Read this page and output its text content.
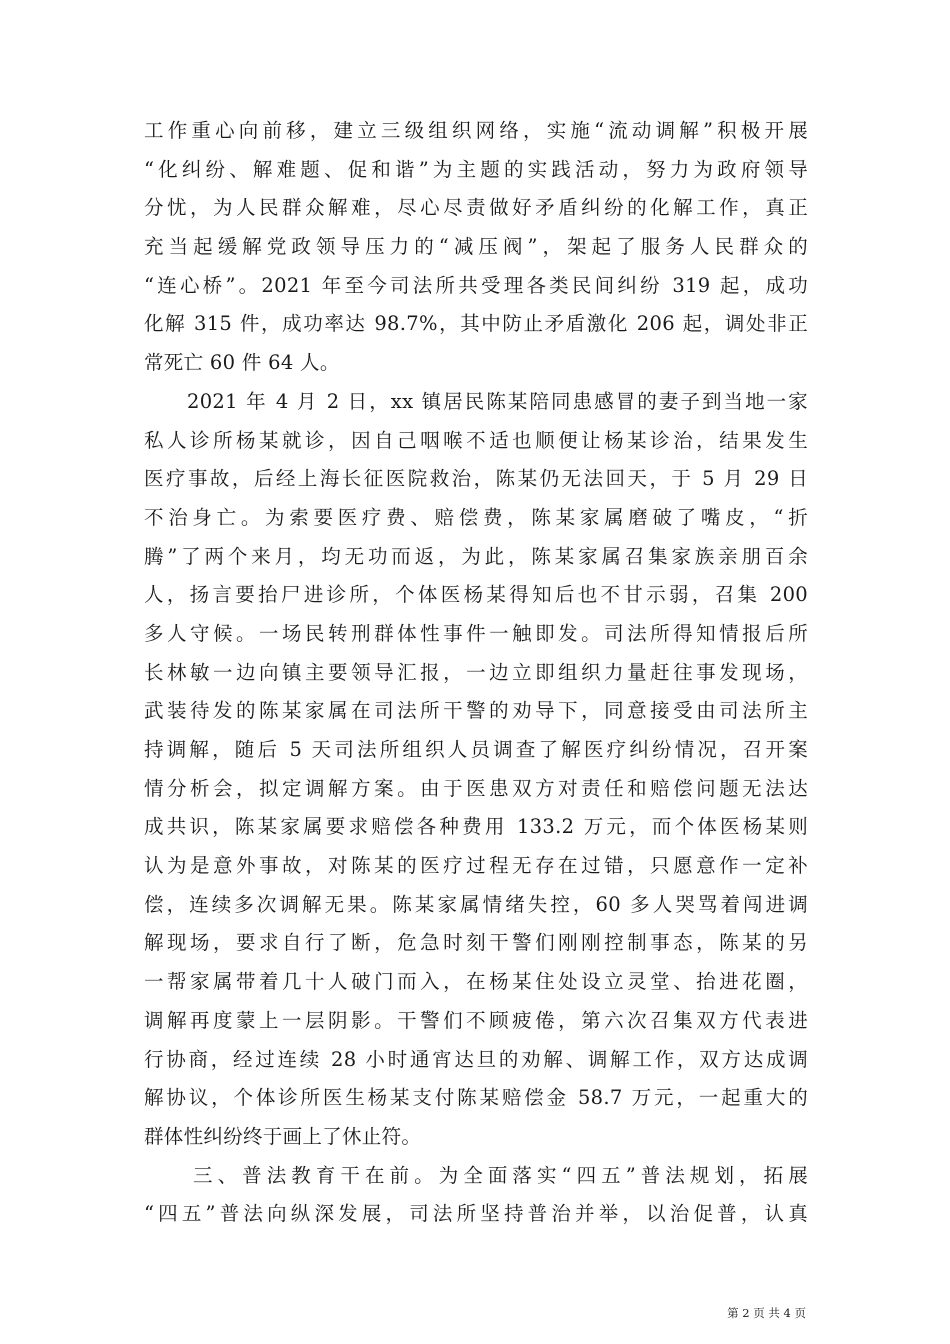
工作重心向前移，建立三级组织网络，实施“流动调解”积极开展
“化纠纷、解难题、促和谐”为主题的实践活动，努力为政府领导
分忧，为人民群众解难，尽心尽责做好矛盾纠纷的化解工作，真正
充当起缓解党政领导压力的“减压阀”，架起了服务人民群众的
“连心桥”。2021 年至今司法所共受理各类民间纠纷 319 起，成功
化解 315 件，成功率达 98.7%，其中防止矛盾激化 206 起，调处非正
常死亡 60 件 64 人。
2021 年 4 月 2 日，xx 镇居民陈某陪同患感冒的妻子到当地一家
私人诊所杨某就诊，因自己咽喉不适也顺便让杨某诊治，结果发生
医疗事故，后经上海长征医院救治，陈某仍无法回天，于 5 月 29 日
不治身亡。为索要医疗费、赔偿费，陈某家属磨破了嘴皮，“折
腾”了两个来月，均无功而返，为此，陈某家属召集家族亲朋百余
人，扬言要抬尸进诊所，个体医杨某得知后也不甘示弱，召集 200
多人守候。一场民转刑群体性事件一触即发。司法所得知情报后所
长林敏一边向镇主要领导汇报，一边立即组织力量赶往事发现场，
武装待发的陈某家属在司法所干警的劝导下，同意接受由司法所主
持调解，随后 5 天司法所组织人员调查了解医疗纠纷情况，召开案
情分析会，拟定调解方案。由于医患双方对责任和赔偿问题无法达
成共识，陈某家属要求赔偿各种费用 133.2 万元，而个体医杨某则
认为是意外事故，对陈某的医疗过程无存在过错，只愿意作一定补
偿，连续多次调解无果。陈某家属情绪失控，60 多人哭骂着闯进调
解现场，要求自行了断，危急时刻干警们刚刚控制事态，陈某的另
一帮家属带着几十人破门而入，在杨某住处设立灵堂、抬进花圈，
调解再度蒙上一层阴影。干警们不顾疲倦，第六次召集双方代表进
行协商，经过连续 28 小时通宵达旦的劝解、调解工作，双方达成调
解协议，个体诊所医生杨某支付陈某赔偿金 58.7 万元，一起重大的
群体性纠纷终于画上了休止符。
三、普法教育干在前。为全面落实“四五”普法规划，拓展
“四五”普法向纵深发展，司法所坚持普治并举，以治促普，认真
第 2 页 共 4 页
